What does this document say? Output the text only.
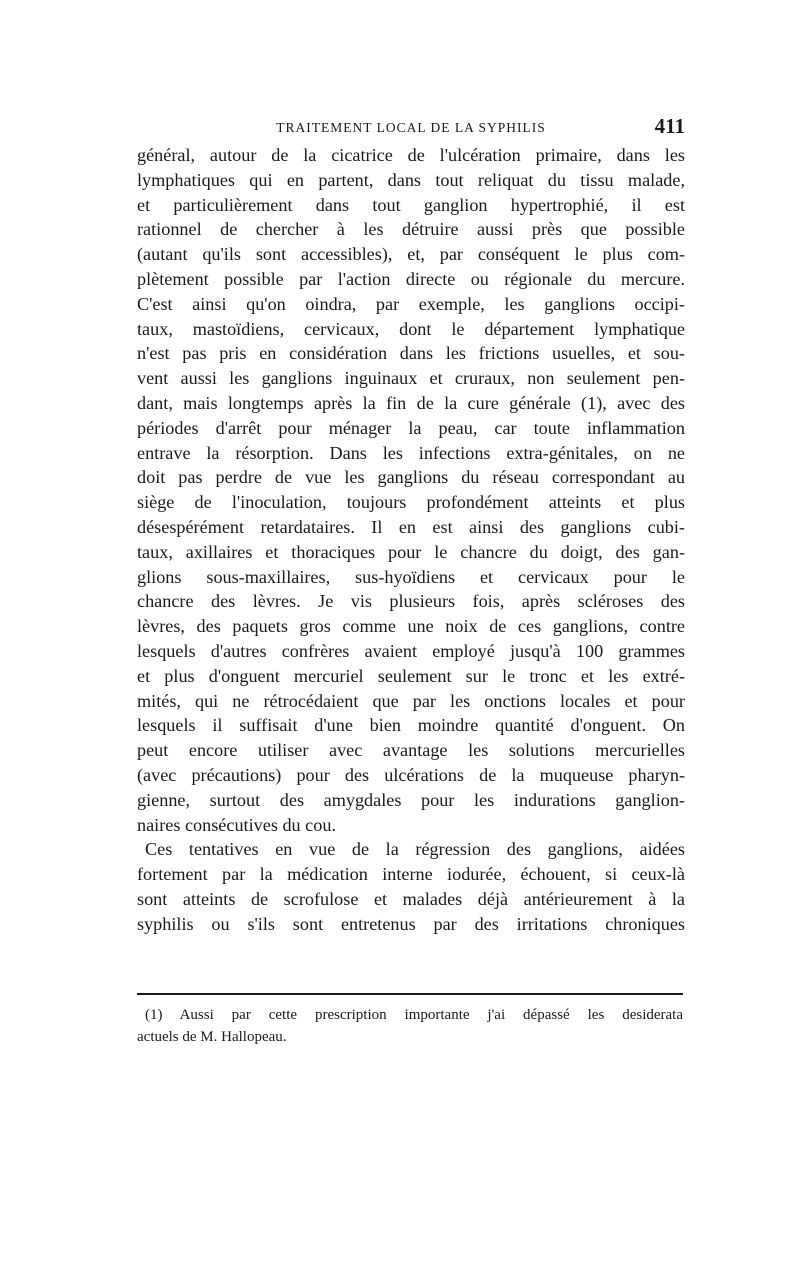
TRAITEMENT LOCAL DE LA SYPHILIS	411
général, autour de la cicatrice de l'ulcération primaire, dans les
lymphatiques qui en partent, dans tout reliquat du tissu malade,
et particulièrement dans tout ganglion hypertrophié, il est
rationnel de chercher à les détruire aussi près que possible
(autant qu'ils sont accessibles), et, par conséquent le plus com-
plètement possible par l'action directe ou régionale du mercure.
C'est ainsi qu'on oindra, par exemple, les ganglions occipi-
taux, mastoïdiens, cervicaux, dont le département lymphatique
n'est pas pris en considération dans les frictions usuelles, et sou-
vent aussi les ganglions inguinaux et cruraux, non seulement pen-
dant, mais longtemps après la fin de la cure générale (1), avec des
périodes d'arrêt pour ménager la peau, car toute inflammation
entrave la résorption. Dans les infections extra-génitales, on ne
doit pas perdre de vue les ganglions du réseau correspondant au
siège de l'inoculation, toujours profondément atteints et plus
désespérément retardataires. Il en est ainsi des ganglions cubi-
taux, axillaires et thoraciques pour le chancre du doigt, des gan-
glions sous-maxillaires, sus-hyoïdiens et cervicaux pour le
chancre des lèvres. Je vis plusieurs fois, après scléroses des
lèvres, des paquets gros comme une noix de ces ganglions, contre
lesquels d'autres confrères avaient employé jusqu'à 100 grammes
et plus d'onguent mercuriel seulement sur le tronc et les extré-
mités, qui ne rétrocédaient que par les onctions locales et pour
lesquels il suffisait d'une bien moindre quantité d'onguent. On
peut encore utiliser avec avantage les solutions mercurielles
(avec précautions) pour des ulcérations de la muqueuse pharyn-
gienne, surtout des amygdales pour les indurations ganglion-
naires consécutives du cou.
Ces tentatives en vue de la régression des ganglions, aidées
fortement par la médication interne iodurée, échouent, si ceux-là
sont atteints de scrofulose et malades déjà antérieurement à la
syphilis ou s'ils sont entretenus par des irritations chroniques
(1) Aussi par cette prescription importante j'ai dépassé les desiderata
actuels de M. Hallopeau.
